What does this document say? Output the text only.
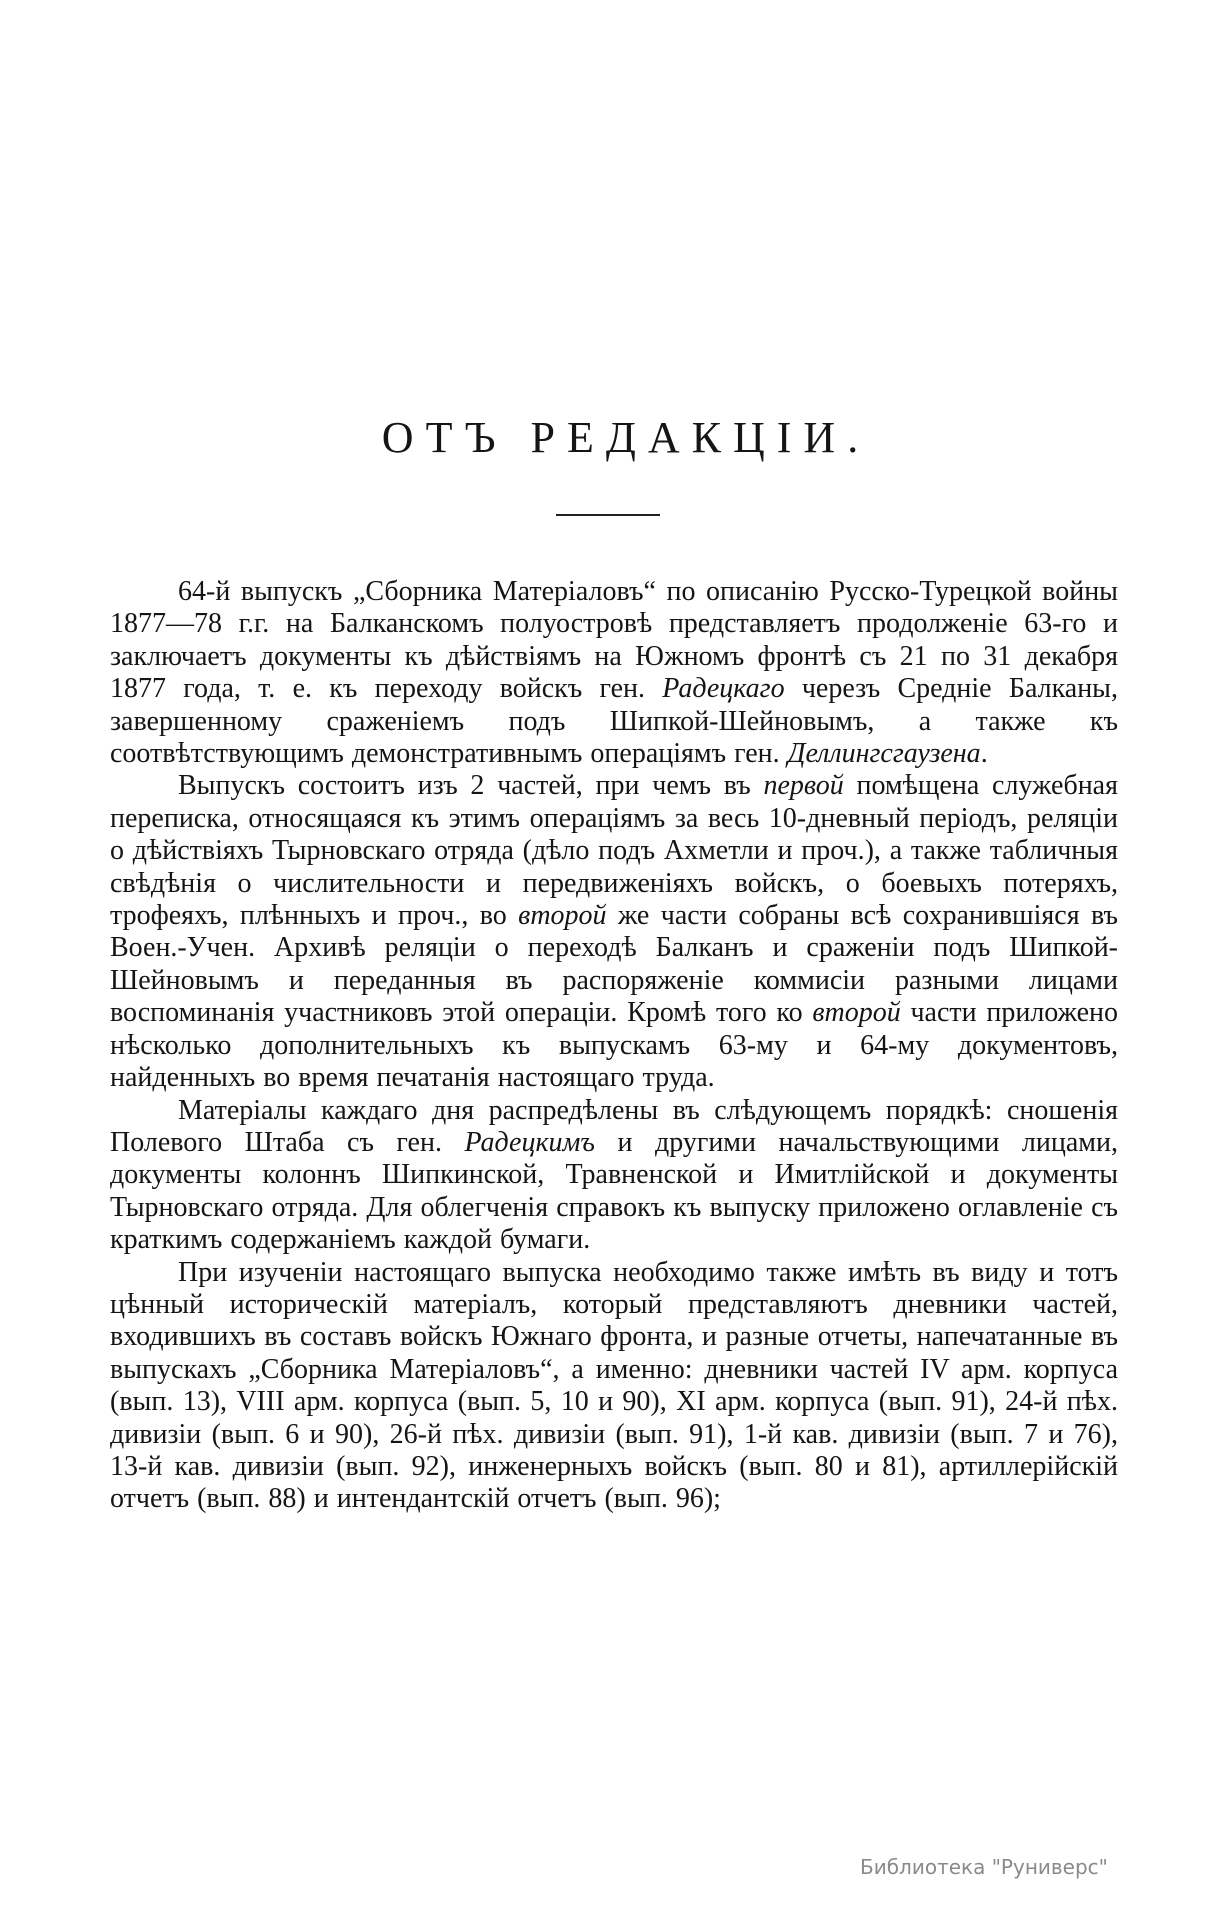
ОТЪ РЕДАКЦІИ.

64-й выпускъ „Сборника Матеріаловъ“ по описанію Русско-Турецкой войны 1877—78 г.г. на Балканскомъ полуостровѣ представляетъ продолженіе 63-го и заключаетъ документы къ дѣйствіямъ на Южномъ фронтѣ съ 21 по 31 декабря 1877 года, т. е. къ переходу войскъ ген. Радецкаго черезъ Средніе Балканы, завершенному сраженіемъ подъ Шипкой-Шейновымъ, а также къ соотвѣтствующимъ демонстративнымъ операціямъ ген. Деллингсгаузена.

Выпускъ состоитъ изъ 2 частей, при чемъ въ первой помѣщена служебная переписка, относящаяся къ этимъ операціямъ за весь 10-дневный періодъ, реляціи о дѣйствіяхъ Тырновскаго отряда (дѣло подъ Ахметли и проч.), а также табличныя свѣдѣнія о числительности и передвиженіяхъ войскъ, о боевыхъ потеряхъ, трофеяхъ, плѣнныхъ и проч., во второй же части собраны всѣ сохранившіяся въ Воен.-Учен. Архивѣ реляціи о переходѣ Балканъ и сраженіи подъ Шипкой-Шейновымъ и переданныя въ распоряженіе коммисіи разными лицами воспоминанія участниковъ этой операціи. Кромѣ того ко второй части приложено нѣсколько дополнительныхъ къ выпускамъ 63-му и 64-му документовъ, найденныхъ во время печатанія настоящаго труда.

Матеріалы каждаго дня распредѣлены въ слѣдующемъ порядкѣ: сношенія Полевого Штаба съ ген. Радецкимъ и другими начальствующими лицами, документы колоннъ Шипкинской, Травненской и Имитлійской и документы Тырновскаго отряда. Для облегченія справокъ къ выпуску приложено оглавленіе съ краткимъ содержаніемъ каждой бумаги.

При изученіи настоящаго выпуска необходимо также имѣть въ виду и тотъ цѣнный историческій матеріалъ, который представляютъ дневники частей, входившихъ въ составъ войскъ Южнаго фронта, и разные отчеты, напечатанные въ выпускахъ „Сборника Матеріаловъ“, а именно: дневники частей IV арм. корпуса (вып. 13), VIII арм. корпуса (вып. 5, 10 и 90), XI арм. корпуса (вып. 91), 24-й пѣх. дивизіи (вып. 6 и 90), 26-й пѣх. дивизіи (вып. 91), 1-й кав. дивизіи (вып. 7 и 76), 13-й кав. дивизіи (вып. 92), инженерныхъ войскъ (вып. 80 и 81), артиллерійскій отчетъ (вып. 88) и интендантскій отчетъ (вып. 96);

Библиотека "Руниверс"
